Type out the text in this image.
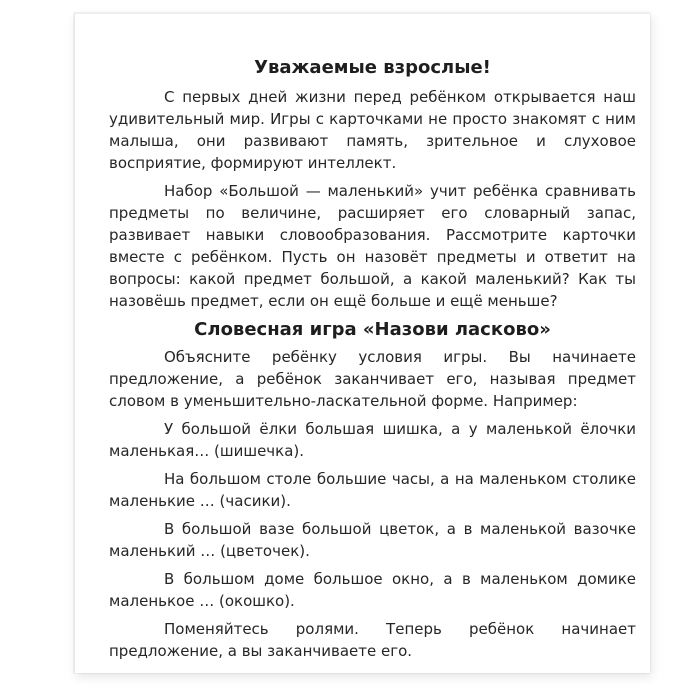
Уважаемые взрослые!

С первых дней жизни перед ребёнком открывается наш удивительный мир. Игры с карточками не просто знакомят с ним малыша, они развивают память, зрительное и слуховое восприятие, формируют интеллект.

Набор «Большой — маленький» учит ребёнка сравнивать предметы по величине, расширяет его словарный запас, развивает навыки словообразования. Рассмотрите карточки вместе с ребёнком. Пусть он назовёт предметы и ответит на вопросы: какой предмет большой, а какой маленький? Как ты назовёшь предмет, если он ещё больше и ещё меньше?

Словесная игра «Назови ласково»

Объясните ребёнку условия игры. Вы начинаете предложение, а ребёнок заканчивает его, называя предмет словом в уменьшительно-ласкательной форме. Например:

У большой ёлки большая шишка, а у маленькой ёлочки маленькая… (шишечка).

На большом столе большие часы, а на маленьком столике маленькие … (часики).

В большой вазе большой цветок, а в маленькой вазочке маленький … (цветочек).

В большом доме большое окно, а в маленьком домике маленькое … (окошко).

Поменяйтесь ролями. Теперь ребёнок начинает предложение, а вы заканчиваете его.
